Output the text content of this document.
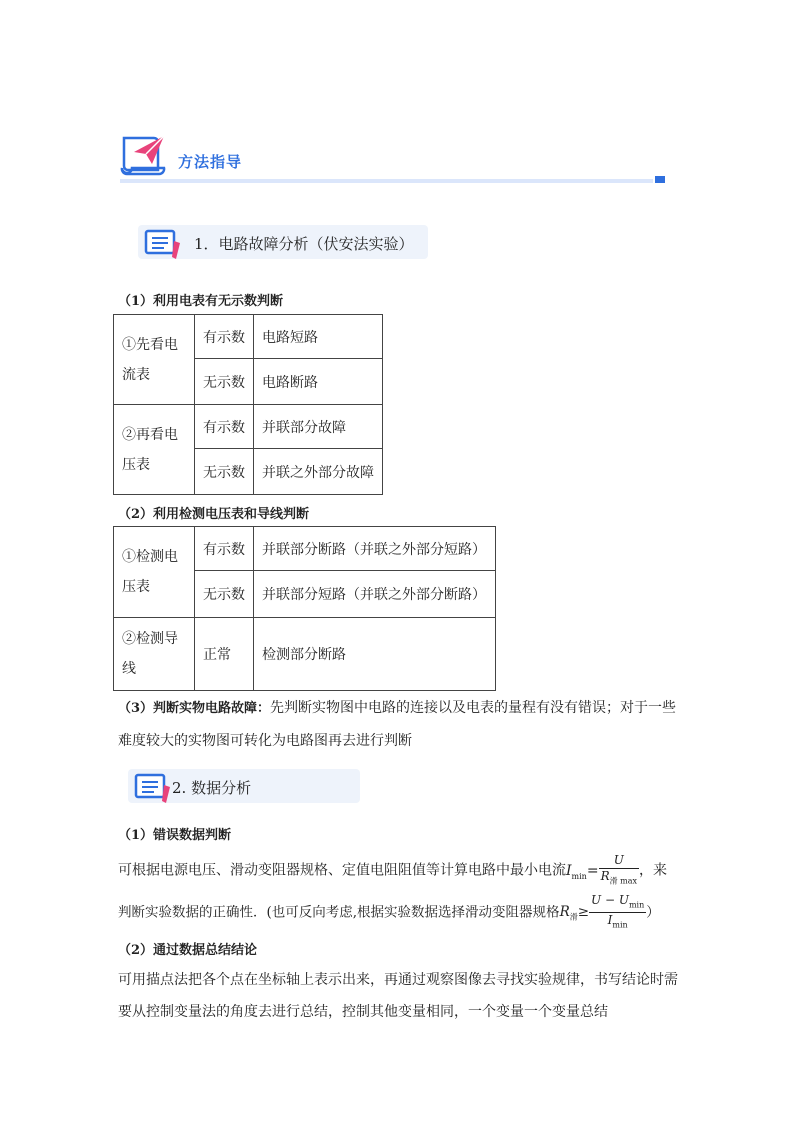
方法指导
1．电路故障分析（伏安法实验）
（1）利用电表有无示数判断
①先看电流表	有示数	电路短路
	无示数	电路断路
②再看电压表	有示数	并联部分故障
	无示数	并联之外部分故障
（2）利用检测电压表和导线判断
①检测电压表	有示数	并联部分断路（并联之外部分短路）
	无示数	并联部分短路（并联之外部分断路）
②检测导线	正常	检测部分断路
（3）判断实物电路故障：先判断实物图中电路的连接以及电表的量程有没有错误；对于一些难度较大的实物图可转化为电路图再去进行判断
2. 数据分析
（1）错误数据判断
可根据电源电压、滑动变阻器规格、定值电阻阻值等计算电路中最小电流$I_{min}= \frac{U}{R_{滑 max}}$ ，来
判断实验数据的正确性．(也可反向考虑,根据实验数据选择滑动变阻器规格$R_滑\ge \frac{U - U_{min}}{I_{min}}$ ）
（2）通过数据总结结论
可用描点法把各个点在坐标轴上表示出来，再通过观察图像去寻找实验规律，书写结论时需要从控制变量法的角度去进行总结，控制其他变量相同，一个变量一个变量总结
